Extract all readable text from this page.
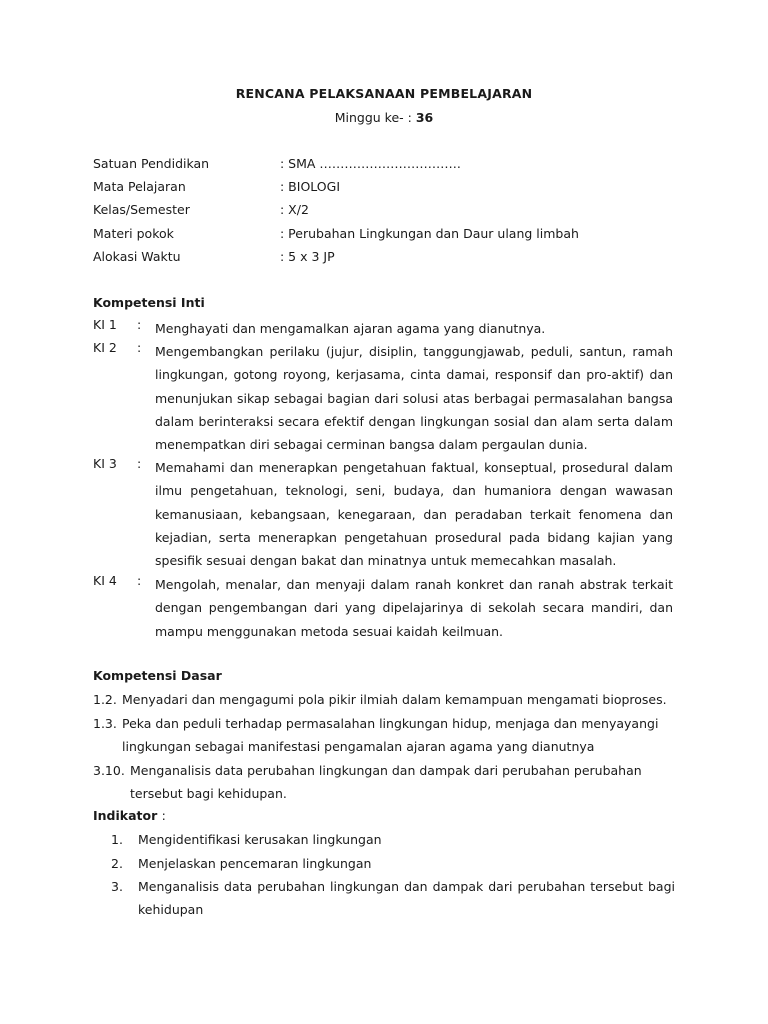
RENCANA PELAKSANAAN PEMBELAJARAN
Minggu ke- : 36
Satuan Pendidikan	: SMA …………………………….
Mata Pelajaran	: BIOLOGI
Kelas/Semester	: X/2
Materi pokok	: Perubahan Lingkungan dan Daur ulang limbah
Alokasi Waktu	: 5 x 3 JP
Kompetensi Inti
KI 1 : Menghayati dan mengamalkan ajaran agama yang dianutnya.
KI 2 : Mengembangkan perilaku (jujur, disiplin, tanggungjawab, peduli, santun, ramah lingkungan, gotong royong, kerjasama, cinta damai, responsif dan pro-aktif) dan menunjukan sikap sebagai bagian dari solusi atas berbagai permasalahan bangsa dalam berinteraksi secara efektif dengan lingkungan sosial dan alam serta dalam menempatkan diri sebagai cerminan bangsa dalam pergaulan dunia.
KI 3 : Memahami dan menerapkan pengetahuan faktual, konseptual, prosedural dalam ilmu pengetahuan, teknologi, seni, budaya, dan humaniora dengan wawasan kemanusiaan, kebangsaan, kenegaraan, dan peradaban terkait fenomena dan kejadian, serta menerapkan pengetahuan prosedural pada bidang kajian yang spesifik sesuai dengan bakat dan minatnya untuk memecahkan masalah.
KI 4 : Mengolah, menalar, dan menyaji dalam ranah konkret dan ranah abstrak terkait dengan pengembangan dari yang dipelajarinya di sekolah secara mandiri, dan mampu menggunakan metoda sesuai kaidah keilmuan.
Kompetensi Dasar
1.2. Menyadari dan mengagumi pola pikir ilmiah dalam kemampuan mengamati bioproses.
1.3. Peka dan peduli terhadap permasalahan lingkungan hidup, menjaga dan menyayangi lingkungan sebagai manifestasi pengamalan ajaran agama yang dianutnya
3.10. Menganalisis data perubahan lingkungan dan dampak dari perubahan perubahan tersebut bagi kehidupan.
Indikator :
1. Mengidentifikasi kerusakan lingkungan
2. Menjelaskan pencemaran lingkungan
3. Menganalisis data perubahan lingkungan dan dampak dari perubahan tersebut bagi kehidupan
